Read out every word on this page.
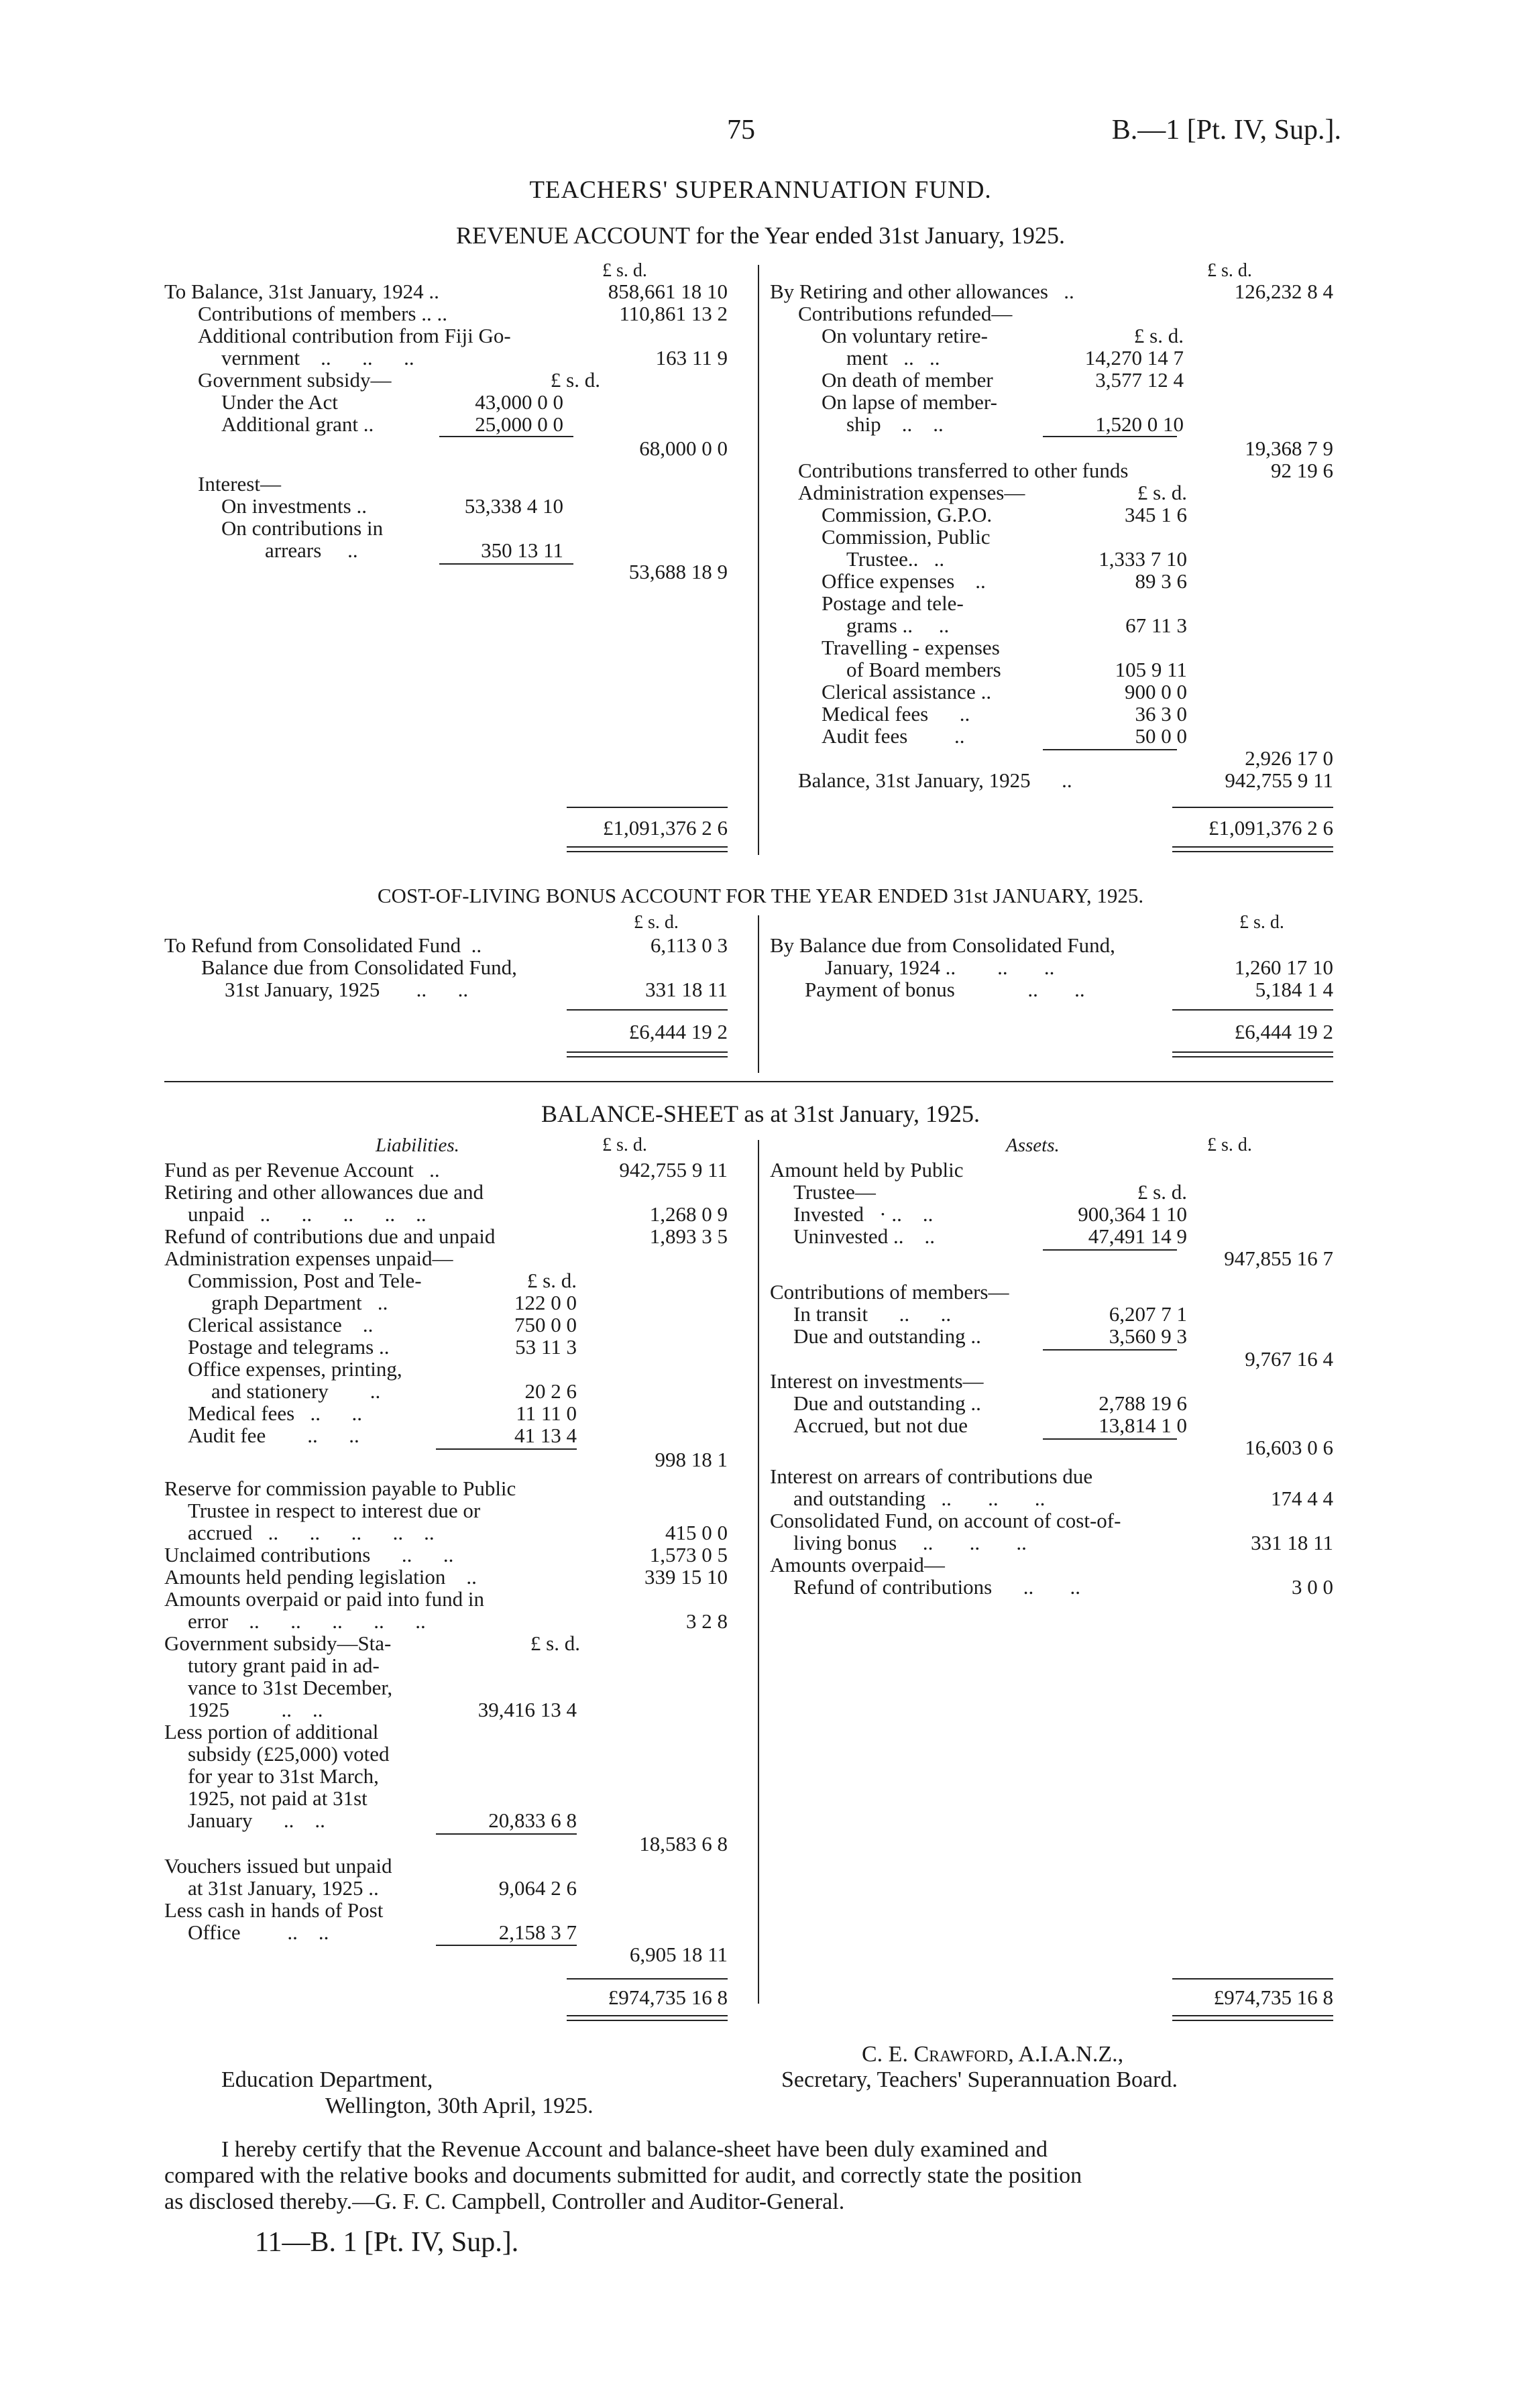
75	B.—1 [Pt. IV, Sup.].
TEACHERS' SUPERANNUATION FUND.
REVENUE ACCOUNT for the Year ended 31st January, 1925.
£ s. d.	£ s. d.
To Balance, 31st January, 1924 ..	858,661 18 10
Contributions of members .. ..	110,861 13 2
Additional contribution from Fiji Go-
vernment    ..      ..      ..	163 11 9
Government subsidy—	£ s. d.
Under the Act	43,000 0 0
Additional grant ..	25,000 0 0
68,000 0 0
Interest—
On investments ..	53,338 4 10
On contributions in
arrears     ..	350 13 11
53,688 18 9
£1,091,376 2 6
By Retiring and other allowances   ..	126,232 8 4
Contributions refunded—
On voluntary retire-	£ s. d.
ment   ..   ..	14,270 14 7
On death of member	3,577 12 4
On lapse of member-
ship    ..    ..	1,520 0 10
19,368 7 9
Contributions transferred to other funds	92 19 6
Administration expenses—	£ s. d.
Commission, G.P.O.	345 1 6
Commission, Public
Trustee..   ..	1,333 7 10
Office expenses    ..	89 3 6
Postage and tele-
grams ..     ..	67 11 3
Travelling - expenses
of Board members	105 9 11
Clerical assistance ..	900 0 0
Medical fees      ..	36 3 0
Audit fees         ..	50 0 0
2,926 17 0
Balance, 31st January, 1925      ..	942,755 9 11
£1,091,376 2 6
COST-OF-LIVING BONUS ACCOUNT FOR THE YEAR ENDED 31st JANUARY, 1925.
£ s. d.	£ s. d.
To Refund from Consolidated Fund  ..	6,113 0 3
Balance due from Consolidated Fund,
31st January, 1925       ..      ..	331 18 11
£6,444 19 2
By Balance due from Consolidated Fund,
January, 1924 ..        ..       ..	1,260 17 10
Payment of bonus              ..       ..	5,184 1 4
£6,444 19 2
BALANCE-SHEET as at 31st January, 1925.
Liabilities.	£ s. d.	Assets.	£ s. d.
Fund as per Revenue Account   ..	942,755 9 11
Retiring and other allowances due and
unpaid   ..      ..      ..      ..    ..	1,268 0 9
Refund of contributions due and unpaid	1,893 3 5
Administration expenses unpaid—
Commission, Post and Tele-	£ s. d.
graph Department   ..	122 0 0
Clerical assistance    ..	750 0 0
Postage and telegrams ..	53 11 3
Office expenses, printing,
and stationery        ..	20 2 6
Medical fees   ..      ..	11 11 0
Audit fee        ..      ..	41 13 4
998 18 1
Reserve for commission payable to Public
Trustee in respect to interest due or
accrued   ..      ..      ..      ..    ..	415 0 0
Unclaimed contributions      ..      ..	1,573 0 5
Amounts held pending legislation    ..	339 15 10
Amounts overpaid or paid into fund in
error    ..      ..      ..      ..      ..	3 2 8
Government subsidy—Sta-	£ s. d.
tutory grant paid in ad-
vance to 31st December,
1925          ..    ..	39,416 13 4
Less portion of additional
subsidy (£25,000) voted
for year to 31st March,
1925, not paid at 31st
January      ..    ..	20,833 6 8
18,583 6 8
Vouchers issued but unpaid
at 31st January, 1925 ..	9,064 2 6
Less cash in hands of Post
Office         ..    ..	2,158 3 7
6,905 18 11
£974,735 16 8
Amount held by Public
Trustee—	£ s. d.
Invested   · ..    ..	900,364 1 10
Uninvested ..    ..	47,491 14 9
947,855 16 7
Contributions of members—
In transit      ..      ..	6,207 7 1
Due and outstanding ..	3,560 9 3
9,767 16 4
Interest on investments—
Due and outstanding ..	2,788 19 6
Accrued, but not due	13,814 1 0
16,603 0 6
Interest on arrears of contributions due
and outstanding   ..       ..       ..	174 4 4
Consolidated Fund, on account of cost-of-
living bonus     ..       ..       ..	331 18 11
Amounts overpaid—
Refund of contributions      ..       ..	3 0 0
£974,735 16 8
C. E. Crawford, A.I.A.N.Z.,
Education Department,	Secretary, Teachers' Superannuation Board.
Wellington, 30th April, 1925.
I hereby certify that the Revenue Account and balance-sheet have been duly examined and
compared with the relative books and documents submitted for audit, and correctly state the position
as disclosed thereby.—G. F. C. Campbell, Controller and Auditor-General.
11—B. 1 [Pt. IV, Sup.].
